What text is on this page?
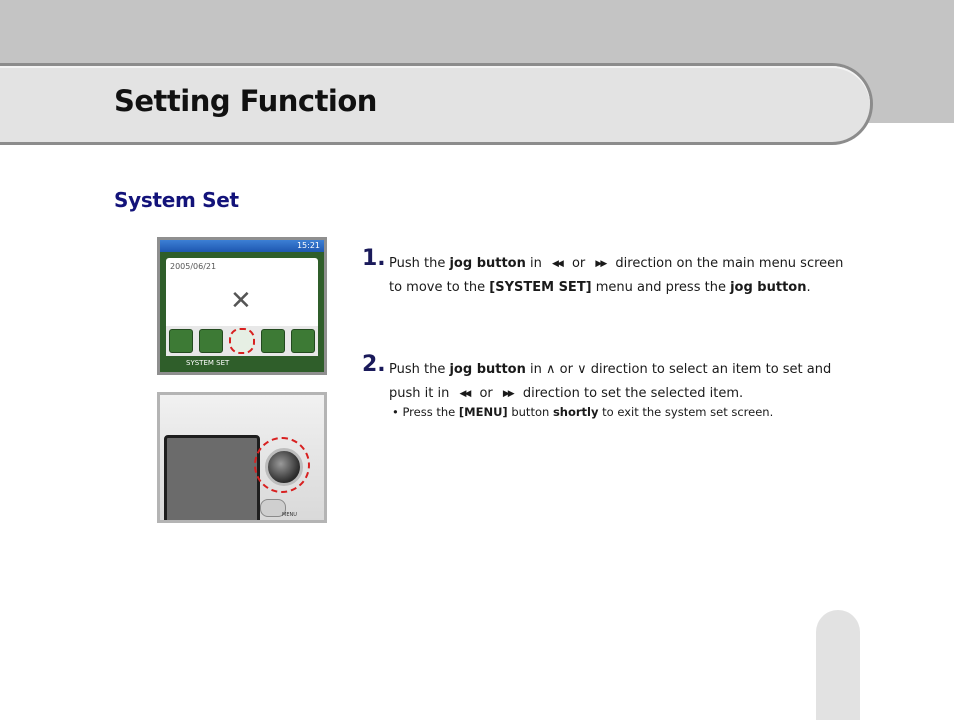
Setting Function
System Set
15:21
2005/06/21 Portable Multimedia Player
✕
SYSTEM SET
MENU
1. Push the jog button in ◀◀ or ▶▶ direction on the main menu screen to move to the [SYSTEM SET] menu and press the jog button.
2. Push the jog button in ∧ or ∨ direction to select an item to set and push it in ◀◀ or ▶▶ direction to set the selected item.
• Press the [MENU] button shortly to exit the system set screen.
